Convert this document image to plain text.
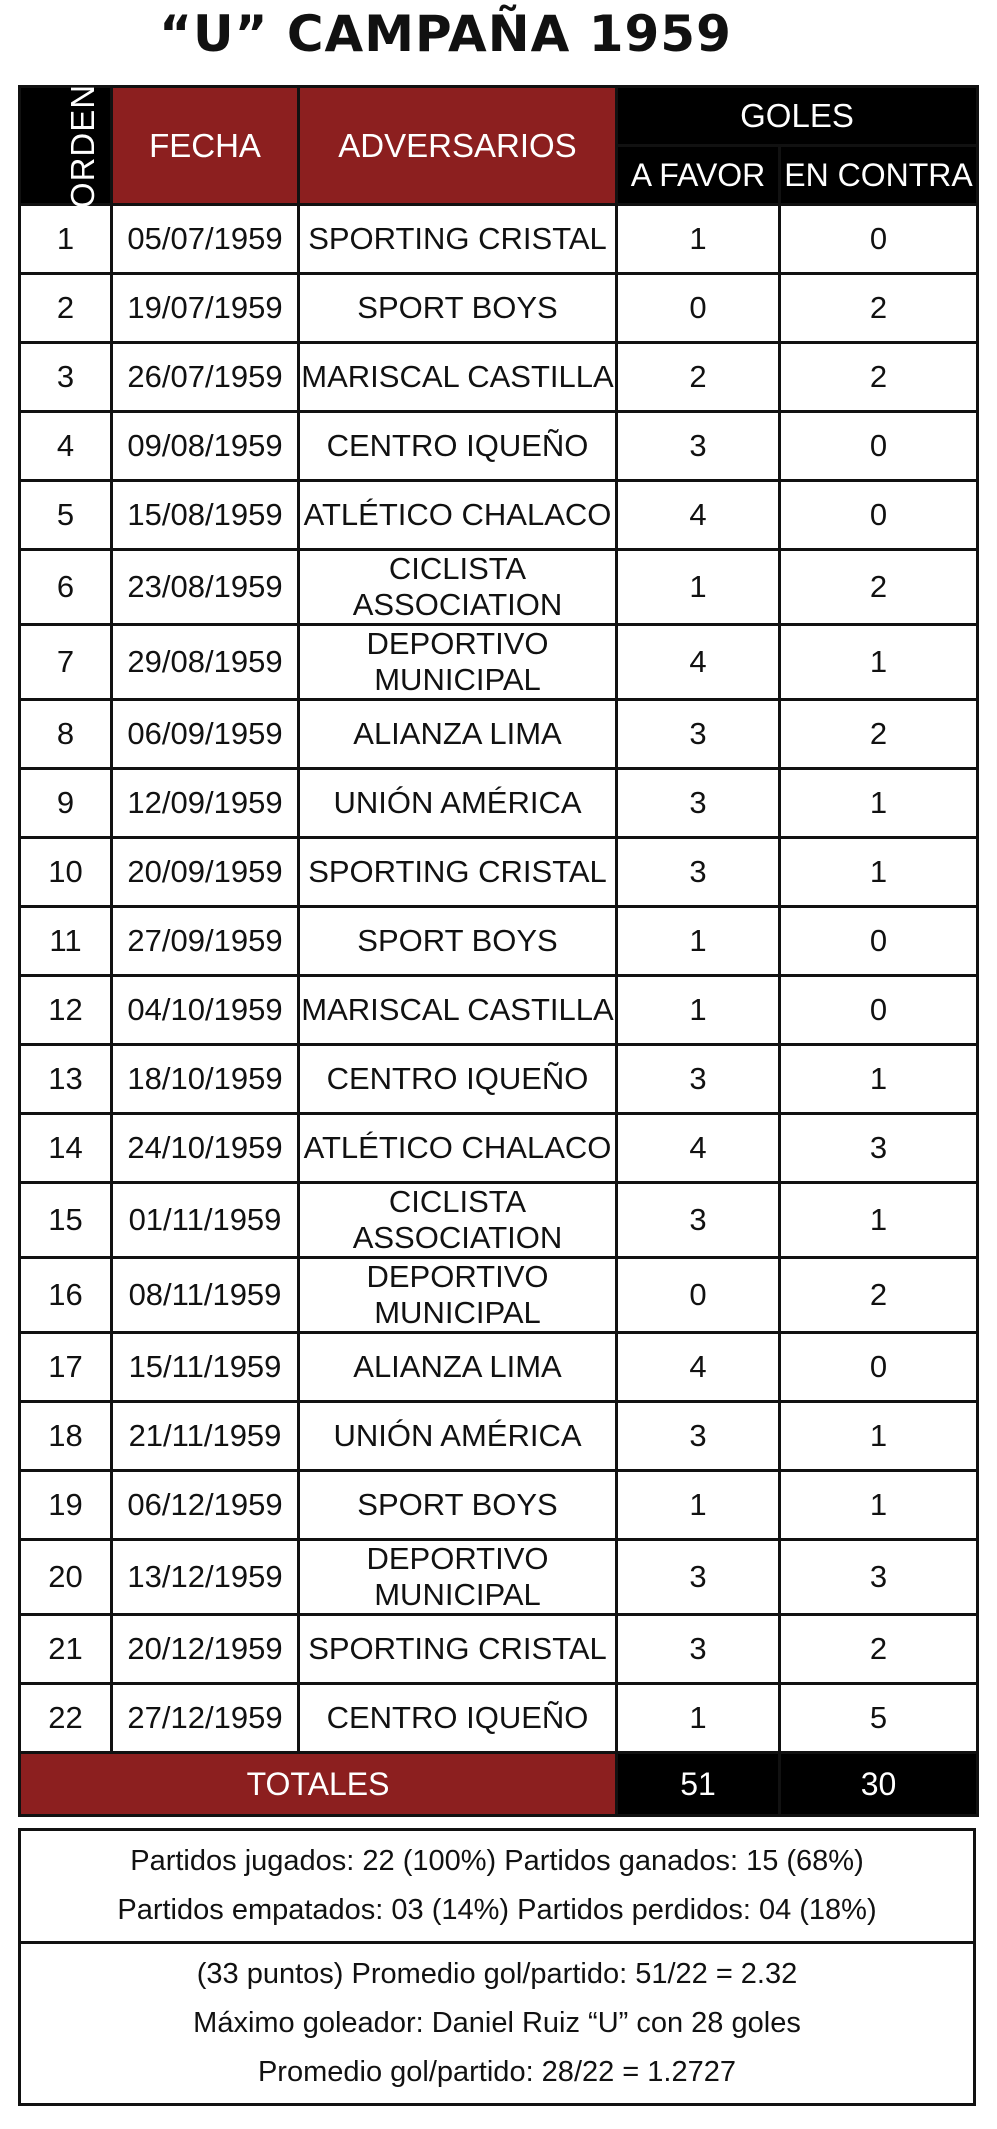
“U” CAMPAÑA 1959
ORDEN	FECHA	ADVERSARIOS	GOLES	
			A FAVOR	EN CONTRA
1	05/07/1959	SPORTING CRISTAL	1	0
2	19/07/1959	SPORT BOYS	0	2
3	26/07/1959	MARISCAL CASTILLA	2	2
4	09/08/1959	CENTRO IQUEÑO	3	0
5	15/08/1959	ATLÉTICO CHALACO	4	0
6	23/08/1959	CICLISTA ASSOCIATION	1	2
7	29/08/1959	DEPORTIVO MUNICIPAL	4	1
8	06/09/1959	ALIANZA LIMA	3	2
9	12/09/1959	UNIÓN AMÉRICA	3	1
10	20/09/1959	SPORTING CRISTAL	3	1
11	27/09/1959	SPORT BOYS	1	0
12	04/10/1959	MARISCAL CASTILLA	1	0
13	18/10/1959	CENTRO IQUEÑO	3	1
14	24/10/1959	ATLÉTICO CHALACO	4	3
15	01/11/1959	CICLISTA ASSOCIATION	3	1
16	08/11/1959	DEPORTIVO MUNICIPAL	0	2
17	15/11/1959	ALIANZA LIMA	4	0
18	21/11/1959	UNIÓN AMÉRICA	3	1
19	06/12/1959	SPORT BOYS	1	1
20	13/12/1959	DEPORTIVO MUNICIPAL	3	3
21	20/12/1959	SPORTING CRISTAL	3	2
22	27/12/1959	CENTRO IQUEÑO	1	5
TOTALES			51	30
Partidos jugados: 22 (100%) Partidos ganados: 15 (68%)
Partidos empatados: 03 (14%) Partidos perdidos: 04 (18%)
(33 puntos) Promedio gol/partido: 51/22 = 2.32
Máximo goleador: Daniel Ruiz “U” con 28 goles
Promedio gol/partido: 28/22 = 1.2727
